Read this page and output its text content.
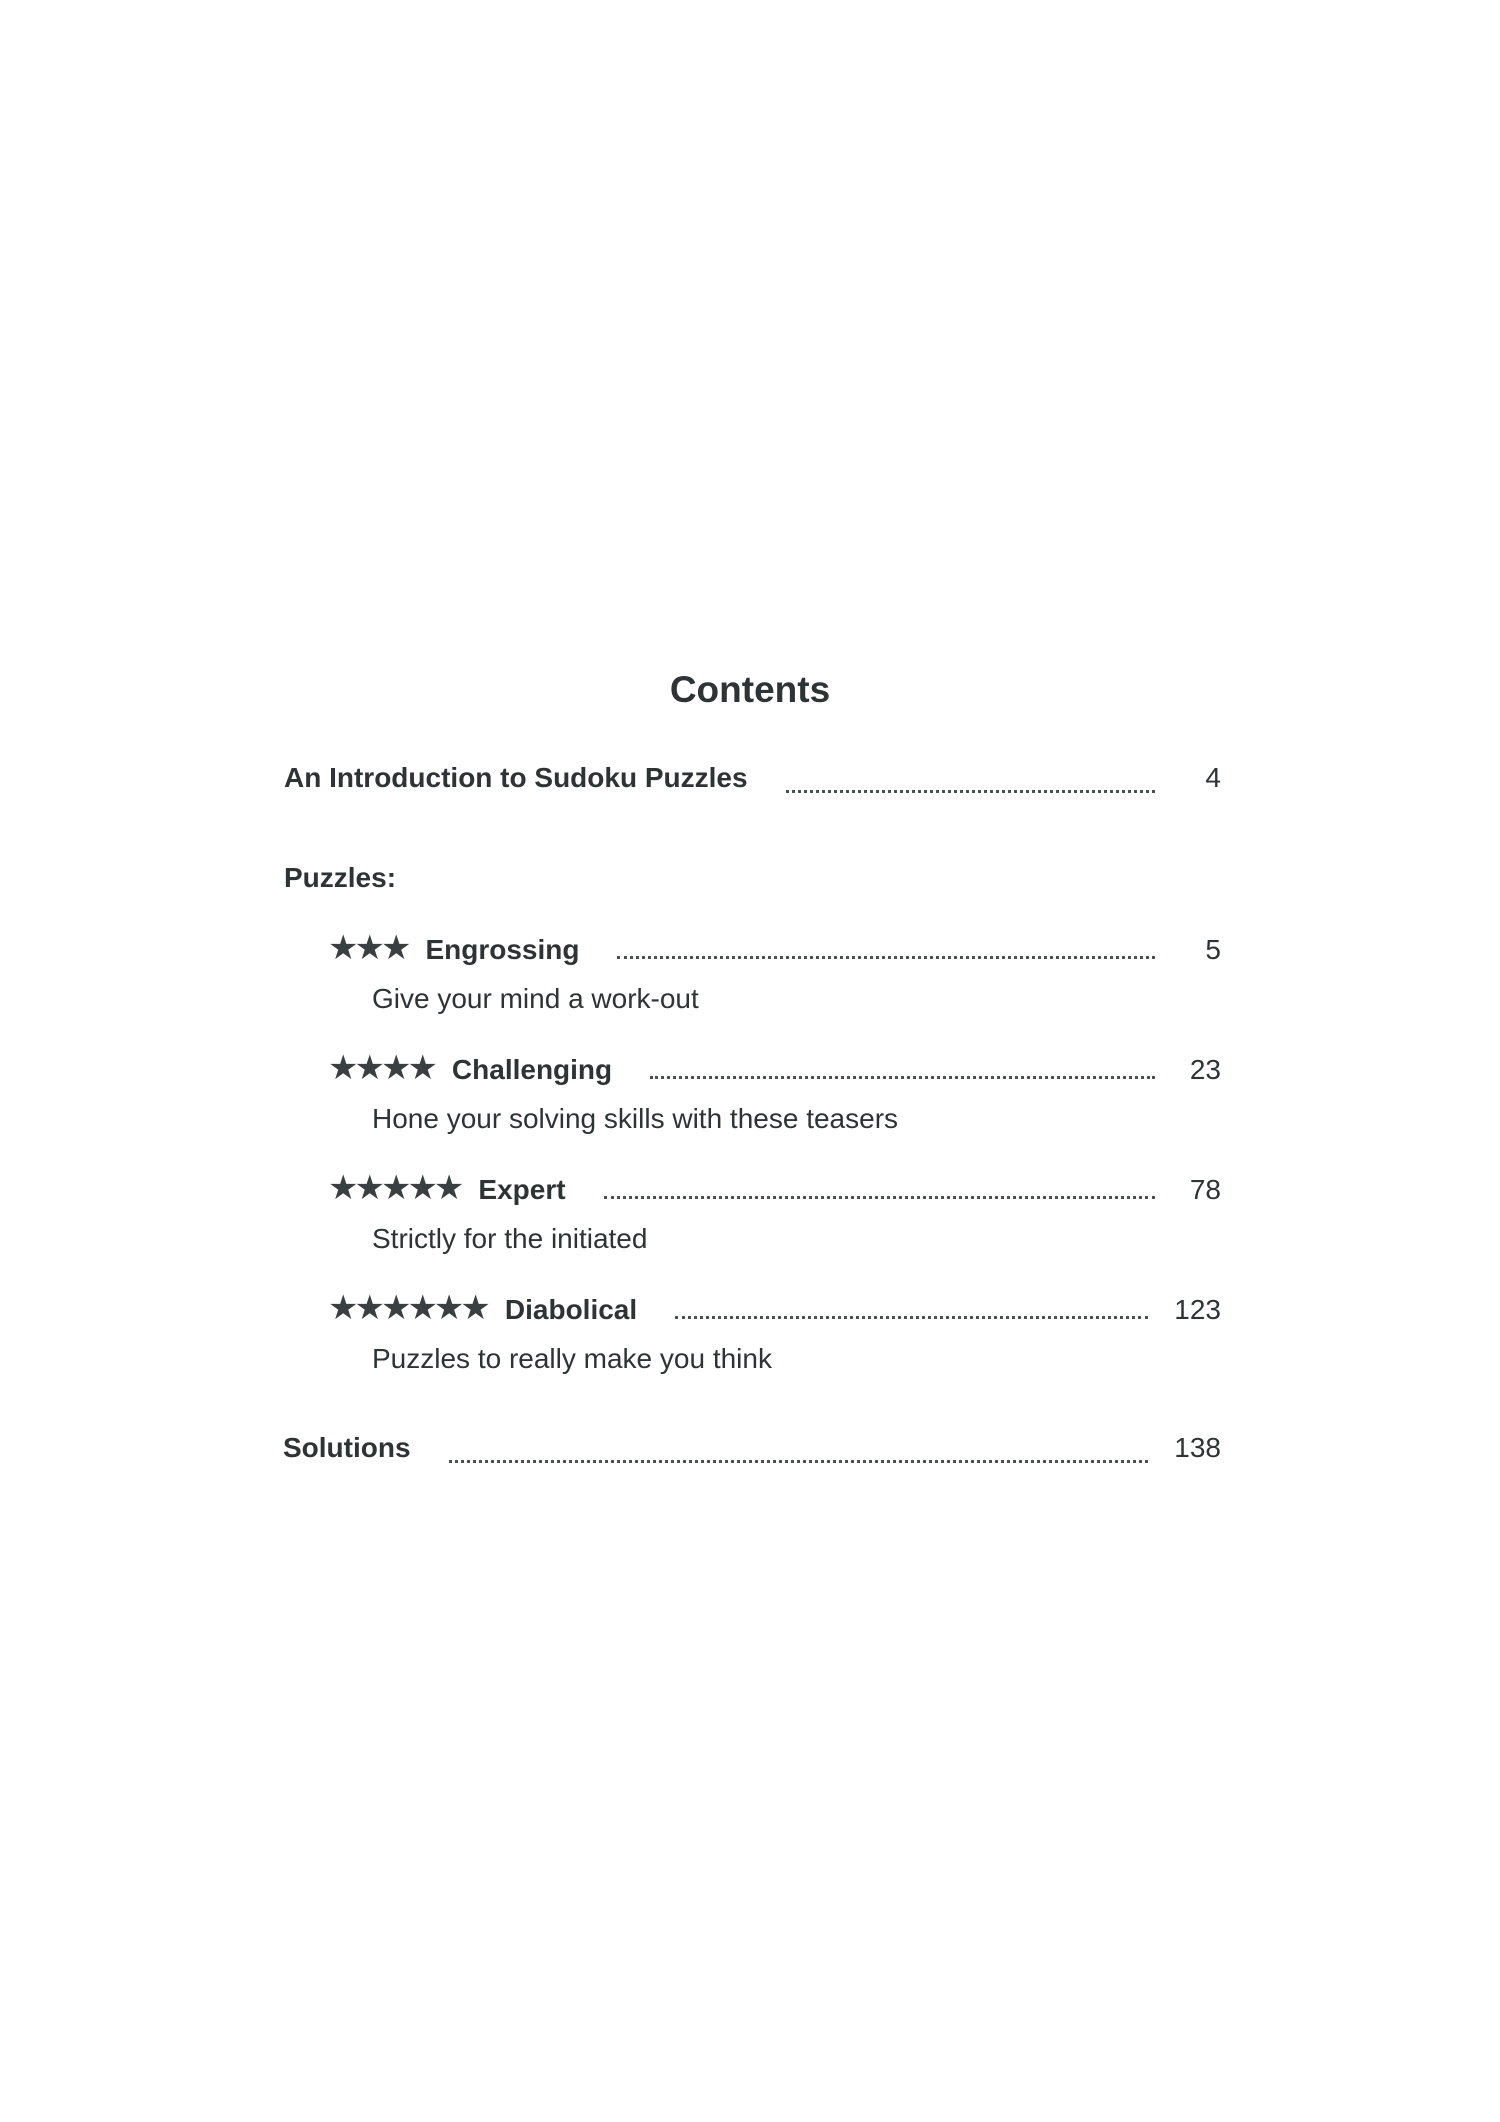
Contents
An Introduction to Sudoku Puzzles	4
Puzzles:
★★★ Engrossing	5
Give your mind a work-out
★★★★ Challenging	23
Hone your solving skills with these teasers
★★★★★ Expert	78
Strictly for the initiated
★★★★★★ Diabolical	123
Puzzles to really make you think
Solutions	138
